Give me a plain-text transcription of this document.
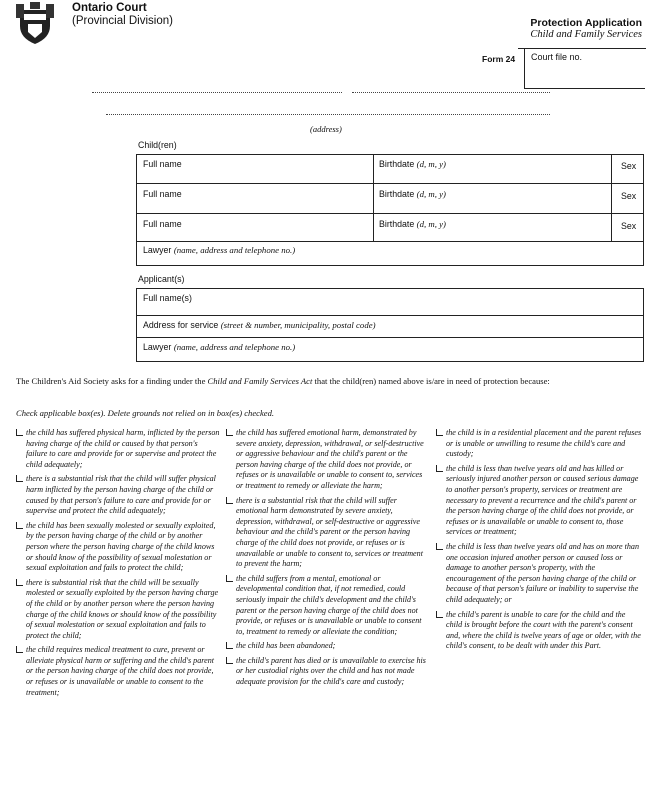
Ontario Court
(Provincial Division)	Protection Application
Child and Family Services
Form 24 Court file no.
(address)
Child(ren)
Full name	Birthdate (d, m, y)	Sex
Full name	Birthdate (d, m, y)	Sex
Full name	Birthdate (d, m, y)	Sex
Lawyer (name, address and telephone no.)
Applicant(s)
Full name(s)
Address for service (street & number, municipality, postal code)
Lawyer (name, address and telephone no.)
The Children's Aid Society asks for a finding under the Child and Family Services Act that the child(ren) named above is/are in need of protection because:
Check applicable box(es). Delete grounds not relied on in box(es) checked.

the child has suffered physical harm, inflicted by the person having charge of the child or caused by that person's failure to care and provide for or supervise and protect the child adequately;

there is a substantial risk that the child will suffer physical harm inflicted by the person having charge of the child or caused by that person's failure to care and provide for or supervise and protect the child adequately;

the child has been sexually molested or sexually exploited, by the person having charge of the child or by another person where the person having charge of the child knows or should know of the possibility of sexual molestation or sexual exploitation and fails to protect the child;

there is substantial risk that the child will be sexually molested or sexually exploited by the person having charge of the child or by another person where the person having charge of the child knows or should know of the possibility of sexual molestation or sexual exploitation and fails to protect the child;

the child requires medical treatment to cure, prevent or alleviate physical harm or suffering and the child's parent or the person having charge of the child does not provide, or refuses or is unavailable or unable to consent to the treatment;

the child has suffered emotional harm, demonstrated by severe anxiety, depression, withdrawal, or self-destructive or aggressive behaviour and the child's parent or the person having charge of the child does not provide, or refuses or is unavailable or unable to consent to, services or treatment to remedy or alleviate the harm;

there is a substantial risk that the child will suffer emotional harm demonstrated by severe anxiety, depression, withdrawal, or self-destructive or aggressive behaviour and the child's parent or the person having charge of the child does not provide, or refuses or is unavailable or unable to consent to, services or treatment to prevent the harm;

the child suffers from a mental, emotional or developmental condition that, if not remedied, could seriously impair the child's development and the child's parent or the person having charge of the child does not provide, or refuses or is unavailable or unable to consent to, treatment to remedy or alleviate the condition;

the child has been abandoned;

the child's parent has died or is unavailable to exercise his or her custodial rights over the child and has not made adequate provision for the child's care and custody;

the child is in a residential placement and the parent refuses or is unable or unwilling to resume the child's care and custody;

the child is less than twelve years old and has killed or seriously injured another person or caused serious damage to another person's property, services or treatment are necessary to prevent a recurrence and the child's parent or the person having charge of the child does not provide, or refuses or is unavailable or unable to consent to, those services or treatment;

the child is less than twelve years old and has on more than one occasion injured another person or caused loss or damage to another person's property, with the encouragement of the person having charge of the child or because of that person's failure or inability to supervise the child adequately; or

the child's parent is unable to care for the child and the child is brought before the court with the parent's consent and, where the child is twelve years of age or older, with the child's consent, to be dealt with under this Part.
